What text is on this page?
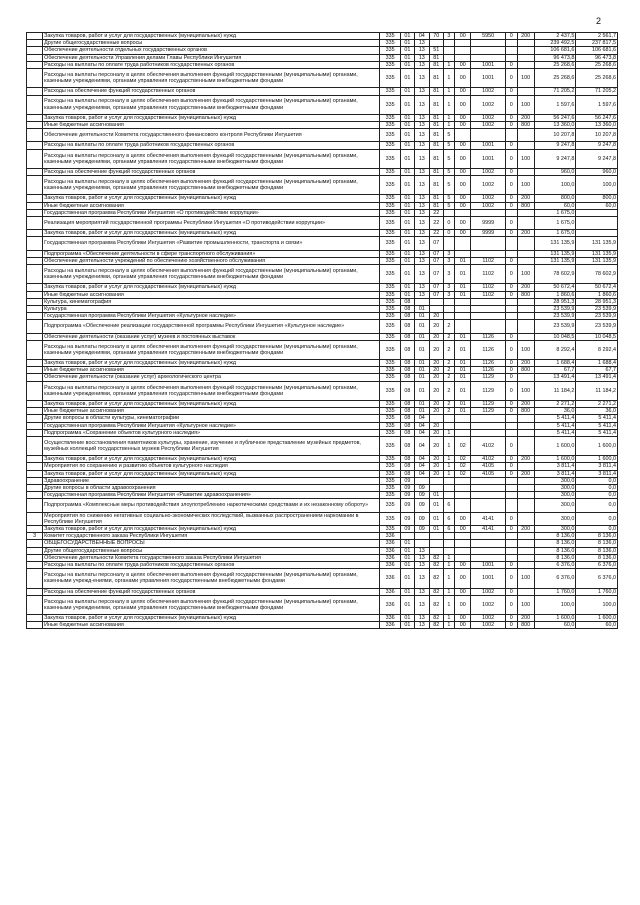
2
	Закупка товаров, работ и услуг для государственных (муниципальных) нужд	335	01	04	70	3	00	5950	0	200	2 437,5	2 561,7
	Другие общегосударственные вопросы	335	01	13							239 492,5	237 817,5
	Обеспечение деятельности отдельных государственных органов	335	01	13	51						106 681,6	106 681,6
	Обеспечение деятельности Управления делами Главы Республики Ингушетия	335	01	13	81						96 473,8	96 473,8
	Расходы на выплаты по оплате труда работников государственных органов	335	01	13	81	1	00	1001	0		25 268,6	25 268,6
	Расходы на выплаты персоналу в целях обеспечения выполнения функций государственными (муниципальными) органами, казенными учреждениями, органами управления государственными внебюджетными фондами	335	01	13	81	1	00	1001	0	100	25 268,6	25 268,6
	Расходы на обеспечение функций государственных органов	335	01	13	81	1	00	1002	0		71 205,2	71 205,2
	Расходы на выплаты персоналу в целях обеспечения выполнения функций государственными (муниципальными) органами, казенными учреждениями, органами управления государственными внебюджетными фондами	335	01	13	81	1	00	1002	0	100	1 597,6	1 597,6
	Закупка товаров, работ и услуг для государственных (муниципальных) нужд	335	01	13	81	1	00	1002	0	200	56 247,6	56 247,6
	Иные бюджетные ассигнования	335	01	13	81	1	00	1002	0	800	13 360,0	13 360,0
	Обеспечение деятельности Комитета государственного финансового контроля Республики Ингушетия	335	01	13	81	5					10 207,8	10 207,8
	Расходы на выплаты по оплате труда работников государственных органов	335	01	13	81	5	00	1001	0		9 247,8	9 247,8
	Расходы на выплаты персоналу в целях обеспечения выполнения функций государственными (муниципальными) органами, казенными учреждениями, органами управления государственными внебюджетными фондами	335	01	13	81	5	00	1001	0	100	9 247,8	9 247,8
	Расходы на обеспечение функций государственных органов	335	01	13	81	5	00	1002	0		960,0	960,0
	Расходы на выплаты персоналу в целях обеспечения выполнения функций государственными (муниципальными) органами, казенными учреждениями, органами управления государственными внебюджетными фондами	335	01	13	81	5	00	1002	0	100	100,0	100,0
	Закупка товаров, работ и услуг для государственных (муниципальных) нужд	335	01	13	81	5	00	1002	0	200	800,0	800,0
	Иные бюджетные ассигнования	335	01	13	81	5	00	1002	0	800	60,0	60,0
	Государственная программа Республики Ингушетия «О противодействии коррупции»	335	01	13	22						1 675,0	
	Реализация мероприятий государственной программы Республики Ингушетия «О противодействии коррупции»	335	01	13	22	0	00	9999	0		1 675,0	
	Закупка товаров, работ и услуг для государственных (муниципальных) нужд	335	01	13	22	0	00	9999	0	200	1 675,0	
	Государственная программа Республики Ингушетия «Развитие промышленности, транспорта и связи»	335	01	13	07						131 135,9	131 135,9
	Подпрограмма «Обеспечение деятельности в сфере транспортного обслуживания»	335	01	13	07	3					131 135,9	131 135,9
	Обеспечение деятельности учреждений по обеспечению хозяйственного обслуживания	335	01	13	07	3	01	1102	0		131 135,9	131 135,9
	Расходы на выплаты персоналу в целях обеспечения выполнения функций государственными (муниципальными) органами, казенными учреждениями, органами управления государственными внебюджетными фондами	335	01	13	07	3	01	1102	0	100	78 602,9	78 602,9
	Закупка товаров, работ и услуг для государственных (муниципальных) нужд	335	01	13	07	3	01	1102	0	200	50 672,4	50 672,4
	Иные бюджетные ассигнования	335	01	13	07	3	01	1102	0	800	1 860,6	1 860,6
	Культура, кинематография	335	08								28 951,3	28 951,3
	Культура	335	08	01							23 539,9	23 539,9
	Государственная программа Республики Ингушетия «Культурное наследие»	335	08	01	20						23 539,9	23 539,9
	Подпрограмма «Обеспечение реализации государственной программы Республики Ингушетия «Культурное наследие»	335	08	01	20	2					23 539,9	23 539,9
	Обеспечение деятельности (оказание услуг) музеев и постоянных выставок	335	08	01	20	2	01	1126	0		10 048,5	10 048,5
	Расходы на выплаты персоналу в целях обеспечения выполнения функций государственными (муниципальными) органами, казенными учреждениями, органами управления государственными внебюджетными фондами	335	08	01	20	2	01	1126	0	100	8 292,4	8 292,4
	Закупка товаров, работ и услуг для государственных (муниципальных) нужд	335	08	01	20	2	01	1126	0	200	1 688,4	1 688,4
	Иные бюджетные ассигнования	335	08	01	20	2	01	1126	0	800	67,7	67,7
	Обеспечение деятельности (оказание услуг) археологического центра	335	08	01	20	2	01	1129	0		13 491,4	13 491,4
	Расходы на выплаты персоналу в целях обеспечения выполнения функций государственными (муниципальными) органами, казенными учреждениями, органами управления государственными внебюджетными фондами	335	08	01	20	2	01	1129	0	100	11 184,2	11 184,2
	Закупка товаров, работ и услуг для государственных (муниципальных) нужд	335	08	01	20	2	01	1129	0	200	2 271,2	2 271,2
	Иные бюджетные ассигнования	335	08	01	20	2	01	1129	0	800	36,0	36,0
	Другие вопросы в области культуры, кинематографии	335	08	04							5 411,4	5 411,4
	Государственная программа Республики Ингушетия «Культурное наследие»	335	08	04	20						5 411,4	5 411,4
	Подпрограмма «Сохранение объектов культурного наследия»	335	08	04	20	1					5 411,4	5 411,4
	Осуществление восстановления памятников культуры, хранение, изучение и публичное представление музейных предметов, музейных коллекций государственных музеев Республики Ингушетия	335	08	04	20	1	02	4102	0		1 600,0	1 600,0
	Закупка товаров, работ и услуг для государственных (муниципальных) нужд	335	08	04	20	1	02	4102	0	200	1 600,0	1 600,0
	Мероприятия по сохранению и развитию объектов культурного наследия	335	08	04	20	1	02	4105	0		3 811,4	3 811,4
	Закупка товаров, работ и услуг для государственных (муниципальных) нужд	335	08	04	20	1	02	4105	0	200	3 811,4	3 811,4
	Здравоохранение	335	09								300,0	0,0
	Другие вопросы в области здравоохранения	335	09	09							300,0	0,0
	Государственная программа Республики Ингушетия «Развитие здравоохранения»	335	09	09	01						300,0	0,0
	Подпрограмма «Комплексные меры противодействия злоупотреблению наркотическими средствами и их незаконному обороту»	335	09	09	01	6					300,0	0,0
	Мероприятия по снижению негативных социально-экономических последствий, вызванных распространением наркомании в Республике Ингушетия	335	09	09	01	6	00	4141	0		300,0	0,0
	Закупка товаров, работ и услуг для государственных (муниципальных) нужд	335	09	09	01	6	00	4141	0	200	300,0	0,0
3	Комитет государственного заказа Республики Ингушетия	336									8 136,0	8 136,0
	ОБЩЕГОСУДАРСТВЕННЫЕ ВОПРОСЫ	336	01								8 136,0	8 136,0
	Другие общегосударственные вопросы	336	01	13							8 136,0	8 136,0
	Обеспечение деятельности Комитета государственного заказа Республики Ингушетия	336	01	13	82	1					8 136,0	8 136,0
	Расходы на выплаты по оплате труда работников государственных органов	336	01	13	82	1	00	1001	0		6 376,0	6 376,0
	Расходы на выплаты персоналу в целях обеспечения выполнения функций государственными (муниципальными) органами, казенными учрежд-ениями, органами управления государственными внебюджетными фондами	336	01	13	82	1	00	1001	0	100	6 376,0	6 376,0
	Расходы на обеспечение функций государственных органов	336	01	13	82	1	00	1002	0		1 760,0	1 760,0
	Расходы на выплаты персоналу в целях обеспечения выполнения функций государственными (муниципальными) органами, казенными учреждениями, органами управления государственными внебюджетными фондами	336	01	13	82	1	00	1002	0	100	100,0	100,0
	Закупка товаров, работ и услуг для государственных (муниципальных) нужд	336	01	13	82	1	00	1002	0	200	1 600,0	1 600,0
	Иные бюджетные ассигнования	336	01	13	82	1	00	1002	0	800	60,0	60,0
